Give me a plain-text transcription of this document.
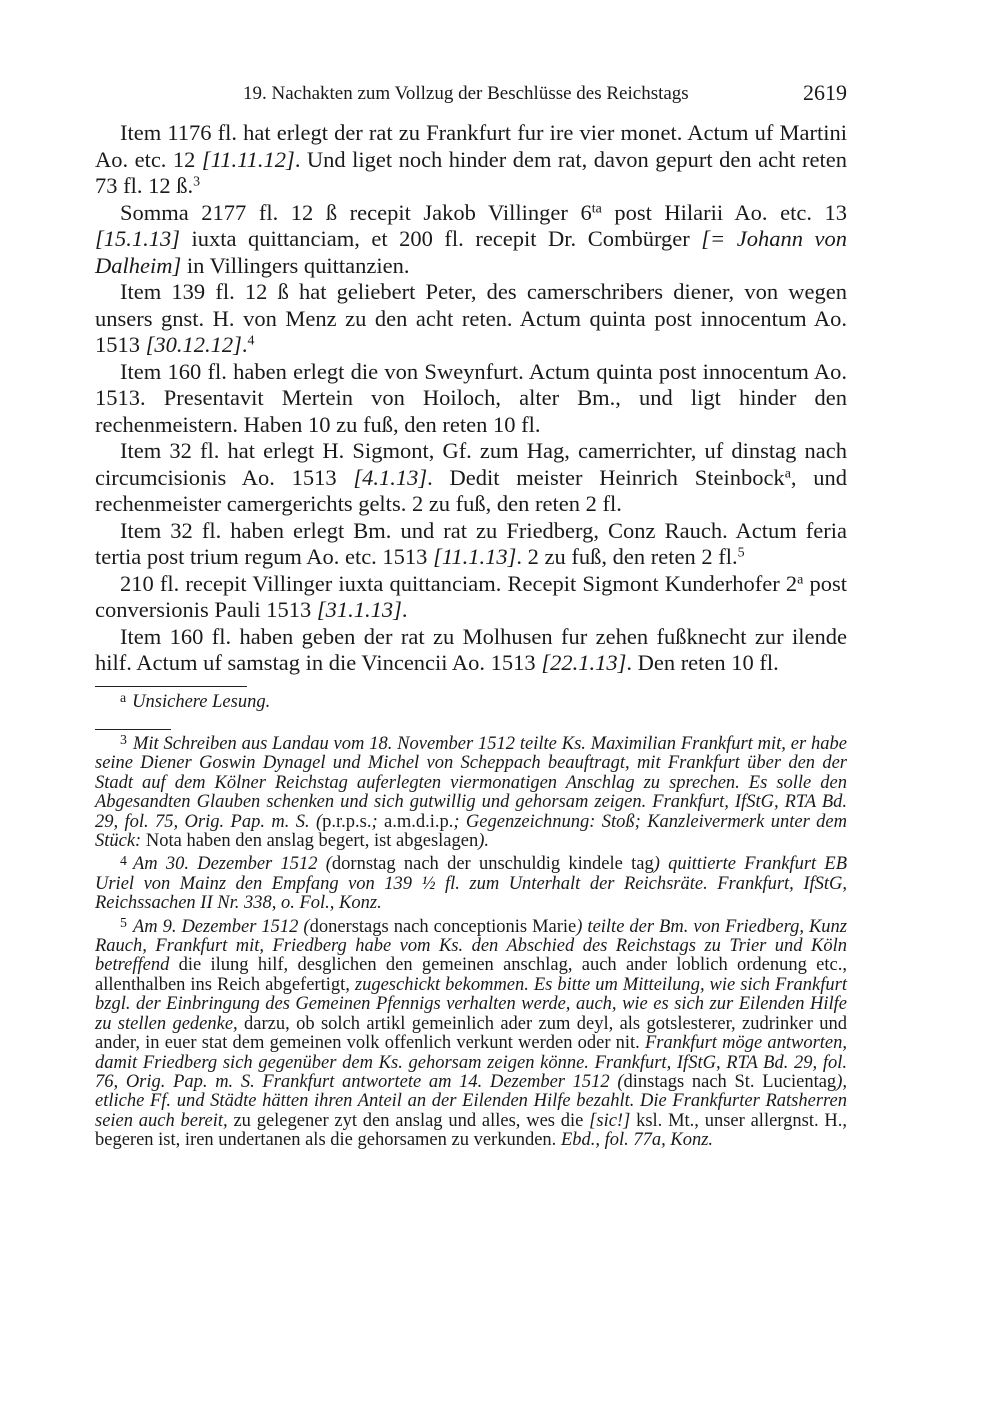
19. Nachakten zum Vollzug der Beschlüsse des Reichstags	2619

Item 1176 fl. hat erlegt der rat zu Frankfurt fur ire vier monet. Actum uf Martini Ao. etc. 12 [11.11.12]. Und liget noch hinder dem rat, davon gepurt den acht reten 73 fl. 12 ß.$^3$

Somma 2177 fl. 12 ß recepit Jakob Villinger $6^{ta}$ post Hilarii Ao. etc. 13 [15.1.13] iuxta quittanciam, et 200 fl. recepit Dr. Combürger [= Johann von Dalheim] in Villingers quittanzien.

Item 139 fl. 12 ß hat geliebert Peter, des camerschribers diener, von wegen unsers gnst. H. von Menz zu den acht reten. Actum quinta post innocentum Ao. 1513 [30.12.12].$^4$

Item 160 fl. haben erlegt die von Sweynfurt. Actum quinta post innocentum Ao. 1513. Presentavit Mertein von Hoiloch, alter Bm., und ligt hinder den rechenmeistern. Haben 10 zu fuß, den reten 10 fl.

Item 32 fl. hat erlegt H. Sigmont, Gf. zum Hag, camerrichter, uf dinstag nach circumcisionis Ao. 1513 [4.1.13]. Dedit meister Heinrich Steinbock$^a$, und rechenmeister camergerichts gelts. 2 zu fuß, den reten 2 fl.

Item 32 fl. haben erlegt Bm. und rat zu Friedberg, Conz Rauch. Actum feria tertia post trium regum Ao. etc. 1513 [11.1.13]. 2 zu fuß, den reten 2 fl.$^5$

210 fl. recepit Villinger iuxta quittanciam. Recepit Sigmont Kunderhofer 2$^a$ post conversionis Pauli 1513 [31.1.13].

Item 160 fl. haben geben der rat zu Molhusen fur zehen fußknecht zur ilende hilf. Actum uf samstag in die Vincencii Ao. 1513 [22.1.13]. Den reten 10 fl.

$^a$ Unsichere Lesung.

$^3$ Mit Schreiben aus Landau vom 18. November 1512 teilte Ks. Maximilian Frankfurt mit, er habe seine Diener Goswin Dynagel und Michel von Scheppach beauftragt, mit Frankfurt über den der Stadt auf dem Kölner Reichstag auferlegten viermonatigen Anschlag zu sprechen. Es solle den Abgesandten Glauben schenken und sich gutwillig und gehorsam zeigen. Frankfurt, IfStG, RTA Bd. 29, fol. 75, Orig. Pap. m. S. (p.r.p.s.; a.m.d.i.p.; Gegenzeichnung: Stoß; Kanzleivermerk unter dem Stück: Nota haben den anslag begert, ist abgeslagen).

$^4$ Am 30. Dezember 1512 (dornstag nach der unschuldig kindele tag) quittierte Frankfurt EB Uriel von Mainz den Empfang von 139 ½ fl. zum Unterhalt der Reichsräte. Frankfurt, IfStG, Reichssachen II Nr. 338, o. Fol., Konz.

$^5$ Am 9. Dezember 1512 (donerstags nach conceptionis Marie) teilte der Bm. von Friedberg, Kunz Rauch, Frankfurt mit, Friedberg habe vom Ks. den Abschied des Reichstags zu Trier und Köln betreffend die ilung hilf, desglichen den gemeinen anschlag, auch ander loblich ordenung etc., allenthalben ins Reich abgefertigt, zugeschickt bekommen. Es bitte um Mitteilung, wie sich Frankfurt bzgl. der Einbringung des Gemeinen Pfennigs verhalten werde, auch, wie es sich zur Eilenden Hilfe zu stellen gedenke, darzu, ob solch artikl gemeinlich ader zum deyl, als gotslesterer, zudrinker und ander, in euer stat dem gemeinen volk offenlich verkunt werden oder nit. Frankfurt möge antworten, damit Friedberg sich gegenüber dem Ks. gehorsam zeigen könne. Frankfurt, IfStG, RTA Bd. 29, fol. 76, Orig. Pap. m. S. Frankfurt antwortete am 14. Dezember 1512 (dinstags nach St. Lucientag), etliche Ff. und Städte hätten ihren Anteil an der Eilenden Hilfe bezahlt. Die Frankfurter Ratsherren seien auch bereit, zu gelegener zyt den anslag und alles, wes die [sic!] ksl. Mt., unser allergnst. H., begeren ist, iren undertanen als die gehorsamen zu verkunden. Ebd., fol. 77a, Konz.
